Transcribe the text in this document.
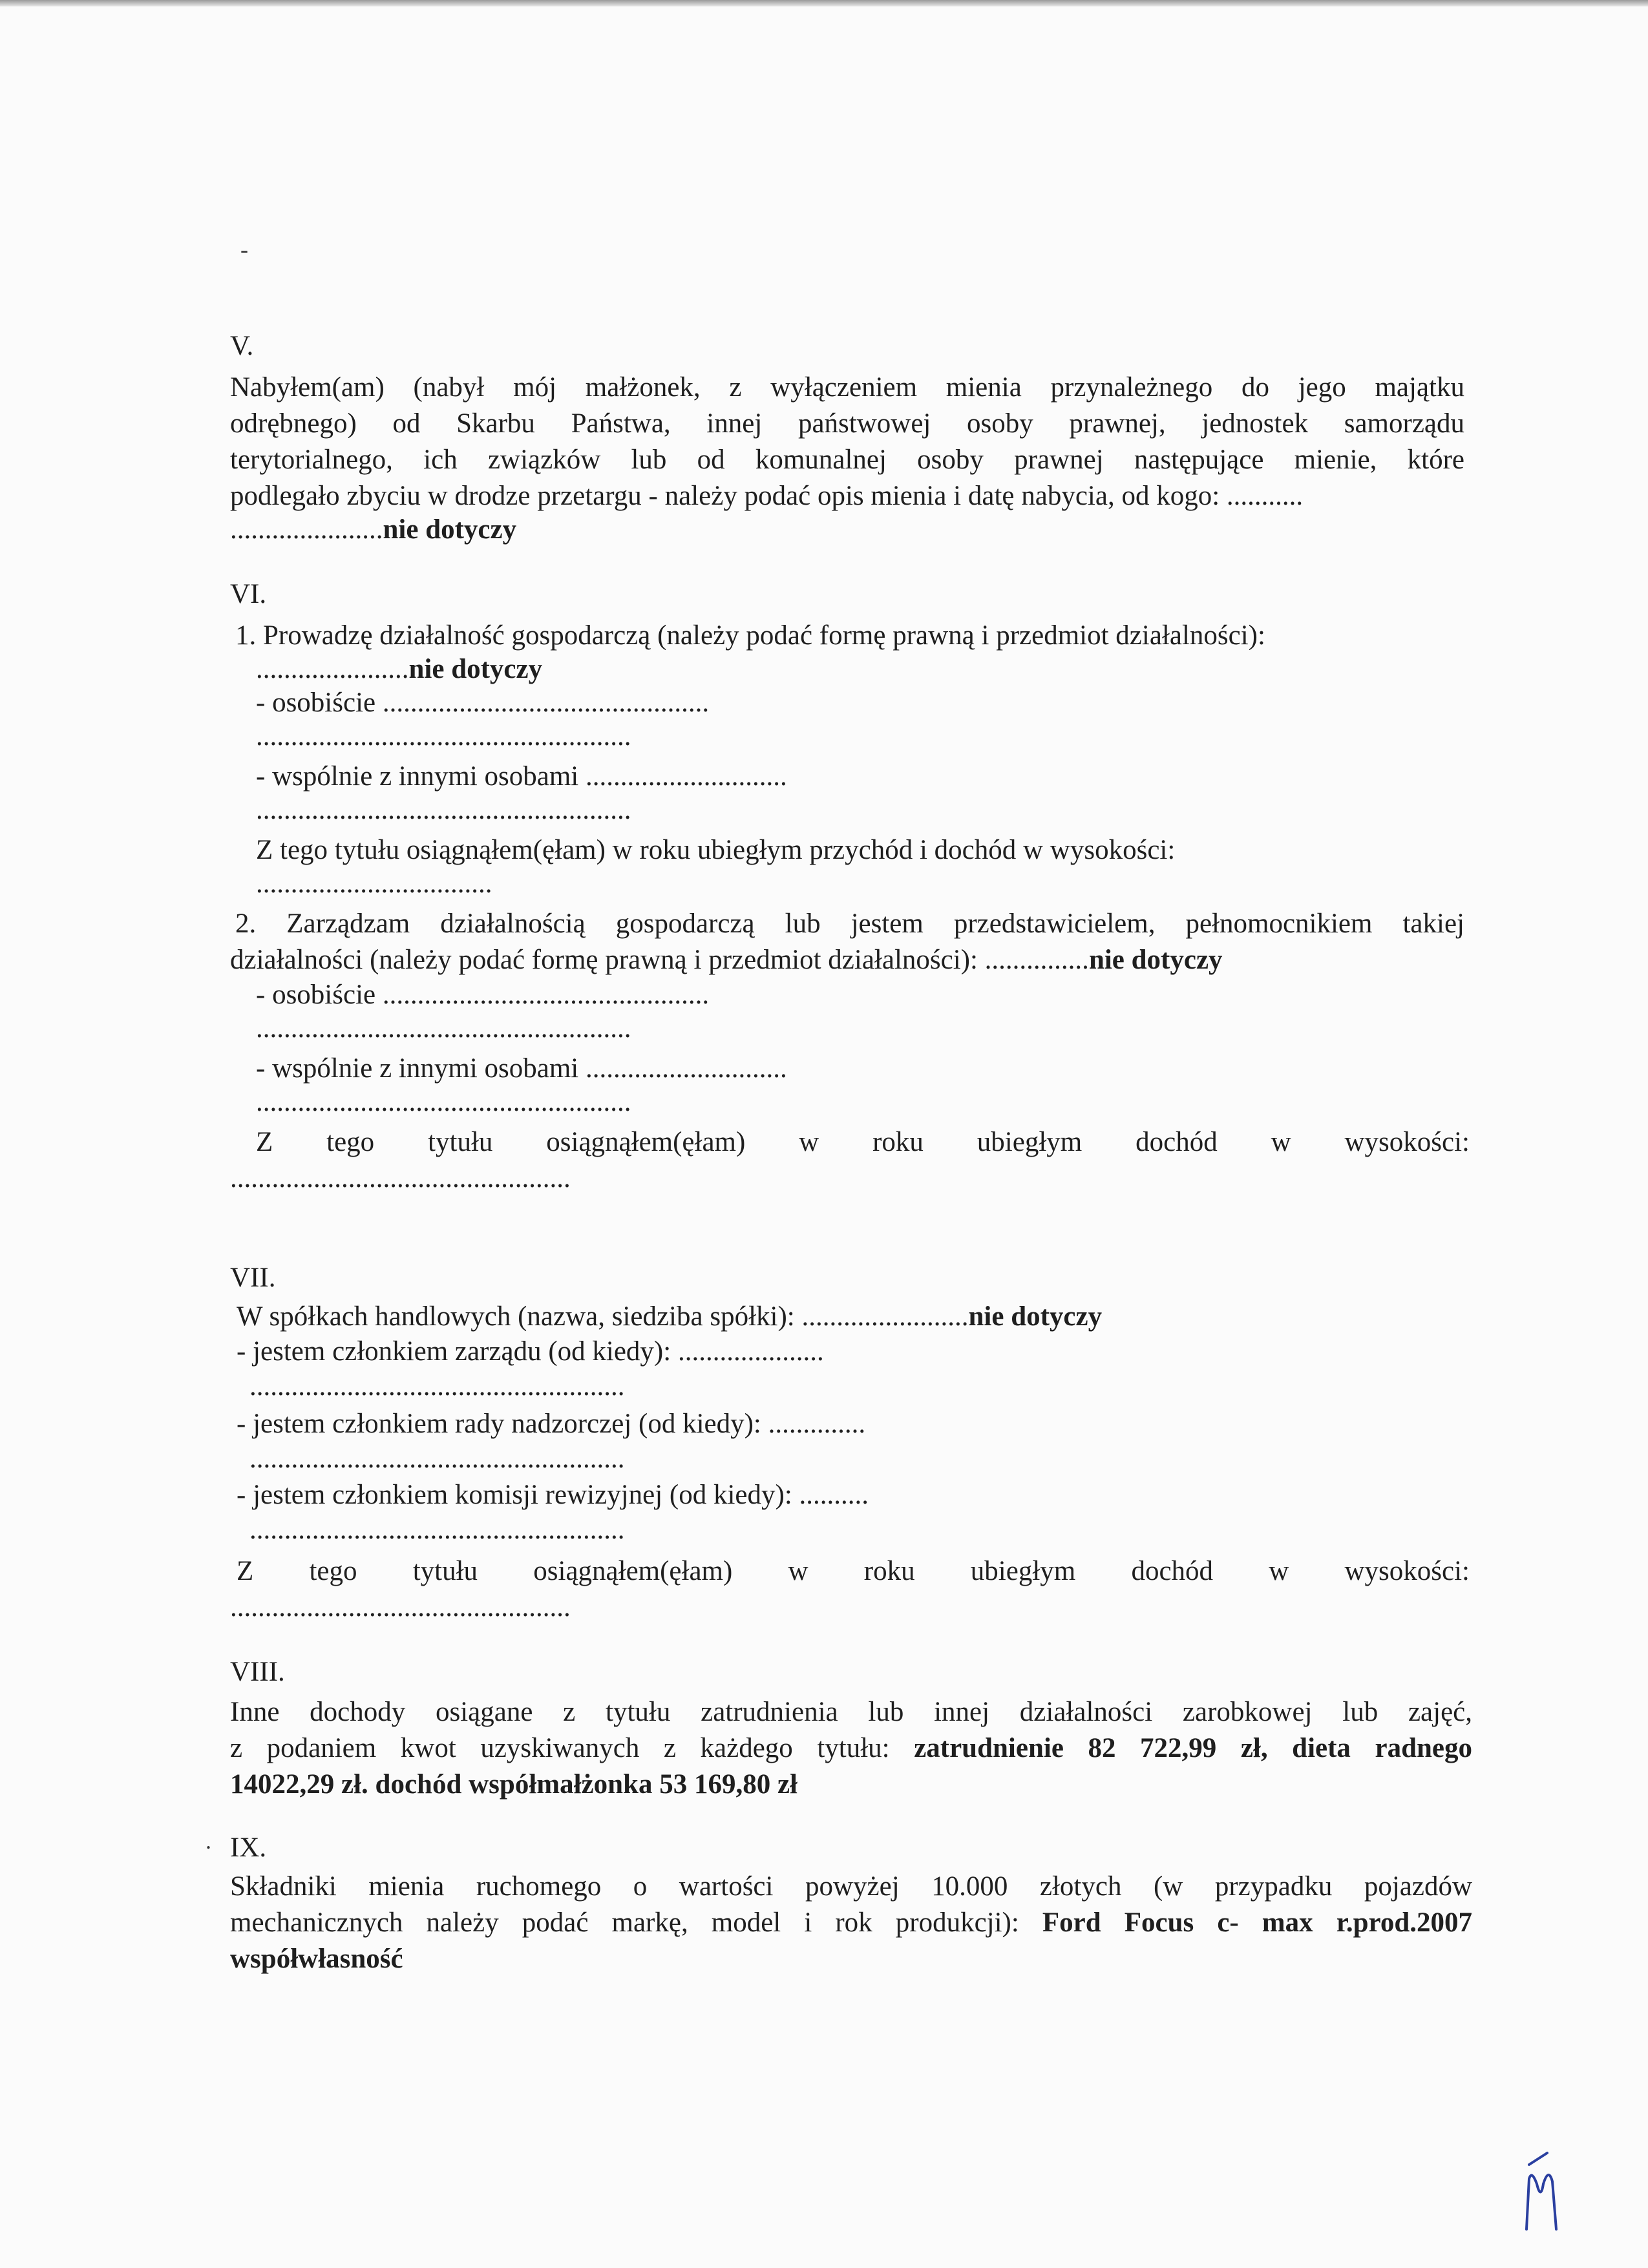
-
V.
Nabyłem(am) (nabył mój małżonek, z wyłączeniem mienia przynależnego do jego majątku
odrębnego) od Skarbu Państwa, innej państwowej osoby prawnej, jednostek samorządu
terytorialnego, ich związków lub od komunalnej osoby prawnej następujące mienie, które
podlegało zbyciu w drodze przetargu - należy podać opis mienia i datę nabycia, od kogo: ...........
......................nie dotyczy
VI.
1. Prowadzę działalność gospodarczą (należy podać formę prawną i przedmiot działalności):
......................nie dotyczy
- osobiście ...............................................
......................................................
- wspólnie z innymi osobami .............................
......................................................
Z tego tytułu osiągnąłem(ęłam) w roku ubiegłym przychód i dochód w wysokości:
..................................
2. Zarządzam działalnością gospodarczą lub jestem przedstawicielem, pełnomocnikiem takiej
działalności (należy podać formę prawną i przedmiot działalności): ...............nie dotyczy
- osobiście ...............................................
......................................................
- wspólnie z innymi osobami .............................
......................................................
Z tego tytułu osiągnąłem(ęłam) w roku ubiegłym dochód w wysokości:
.................................................
VII.
W spółkach handlowych (nazwa, siedziba spółki): ........................nie dotyczy
- jestem członkiem zarządu (od kiedy): .....................
......................................................
- jestem członkiem rady nadzorczej (od kiedy): ..............
......................................................
- jestem członkiem komisji rewizyjnej (od kiedy): ..........
......................................................
Z tego tytułu osiągnąłem(ęłam) w roku ubiegłym dochód w wysokości:
.................................................
VIII.
Inne dochody osiągane z tytułu zatrudnienia lub innej działalności zarobkowej lub zajęć,
z podaniem kwot uzyskiwanych z każdego tytułu: zatrudnienie 82 722,99 zł, dieta radnego
14022,29 zł. dochód współmałżonka 53 169,80 zł
. IX.
Składniki mienia ruchomego o wartości powyżej 10.000 złotych (w przypadku pojazdów
mechanicznych należy podać markę, model i rok produkcji): Ford Focus c- max r.prod.2007
współwłasność
